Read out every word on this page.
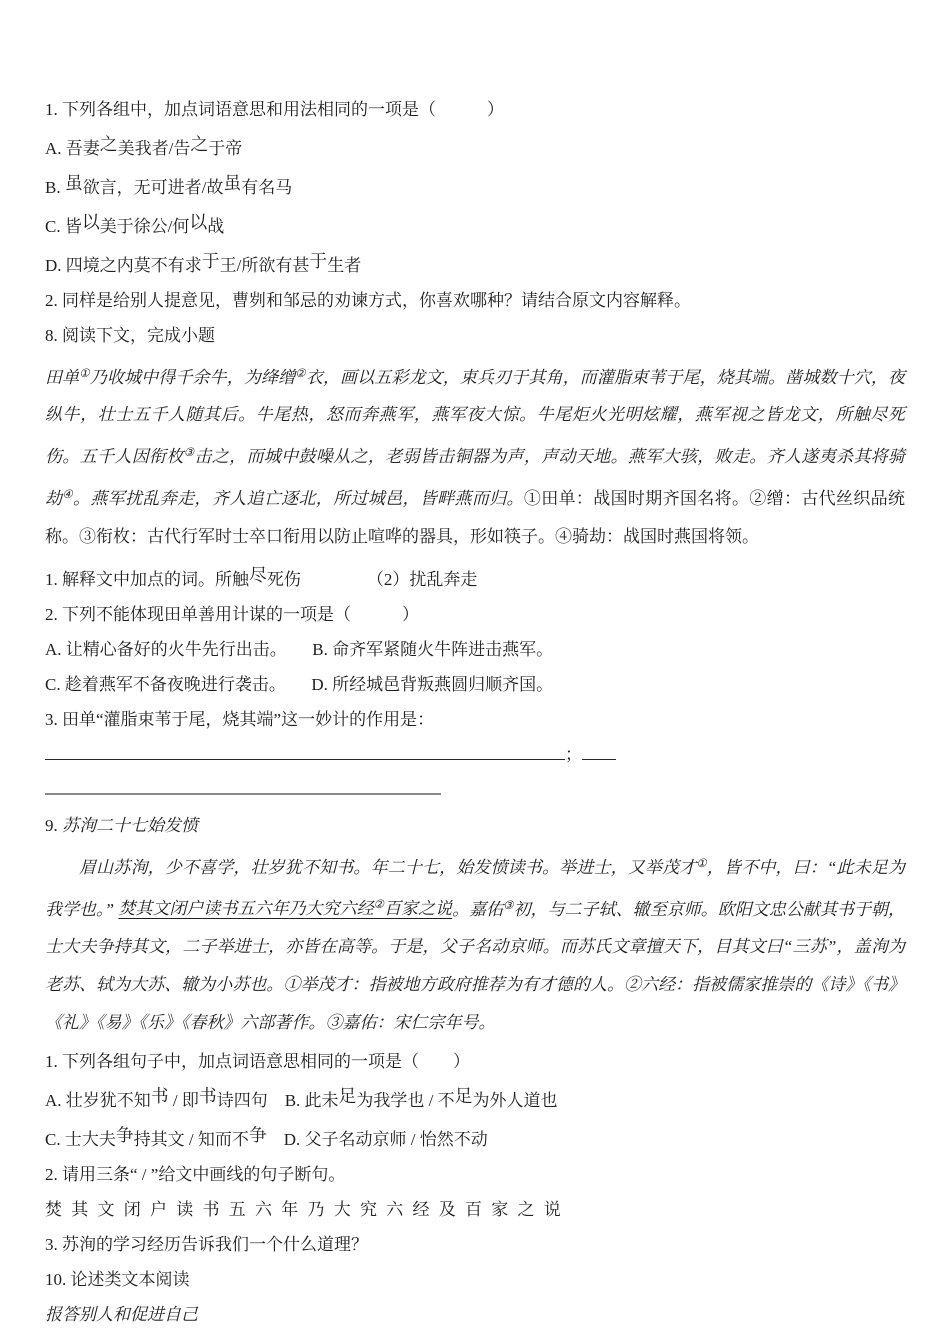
1. 下列各组中，加点词语意思和用法相同的一项是（　　　）

A. 吾妻之美我者/告之于帝

B. 虽欲言，无可进者/故虽有名马

C. 皆以美于徐公/何以战

D. 四境之内莫不有求于王/所欲有甚于生者

2. 同样是给别人提意见，曹刿和邹忌的劝谏方式，你喜欢哪种？请结合原文内容解释。

8. 阅读下文，完成小题

田单①乃收城中得千余牛，为绛缯②衣，画以五彩龙文，束兵刃于其角，而灌脂束苇于尾，烧其端。凿城数十穴，夜纵牛，壮士五千人随其后。牛尾热，怒而奔燕军，燕军夜大惊。牛尾炬火光明炫耀，燕军视之皆龙文，所触尽死伤。五千人因衔枚③击之，而城中鼓噪从之，老弱皆击铜器为声，声动天地。燕军大骇，败走。齐人遂夷杀其将骑劫④。燕军扰乱奔走，齐人追亡逐北，所过城邑，皆畔燕而归。①田单：战国时期齐国名将。②缯：古代丝织品统称。③衔枚：古代行军时士卒口衔用以防止喧哗的器具，形如筷子。④骑劫：战国时燕国将领。

1. 解释文中加点的词。所触尽死伤	（2）扰乱奔走

2. 下列不能体现田单善用计谋的一项是（　　　）

A. 让精心备好的火牛先行出击。　　B. 命齐军紧随火牛阵进击燕军。

C. 趁着燕军不备夜晚进行袭击。　　D. 所经城邑背叛燕圆归顺齐国。

3. 田单“灌脂束苇于尾，烧其端”这一妙计的作用是：；

9. 苏洵二十七始发愤

眉山苏洵，少不喜学，壮岁犹不知书。年二十七，始发愤读书。举进士，又举茂才①，皆不中，曰：“此未足为我学也。” 焚其文闭户读书五六年乃大究六经②百家之说。嘉佑③初，与二子轼、辙至京师。欧阳文忠公献其书于朝，士大夫争持其文，二子举进士，亦皆在高等。于是，父子名动京师。而苏氏文章擅天下，目其文曰“三苏”，盖洵为老苏、轼为大苏、辙为小苏也。①举茂才：指被地方政府推荐为有才德的人。②六经：指被儒家推崇的《诗》《书》《礼》《易》《乐》《春秋》六部著作。③嘉佑：宋仁宗年号。

1. 下列各组句子中，加点词语意思相同的一项是（　　）

A. 壮岁犹不知书 / 即书诗四句　B. 此未足为我学也 / 不足为外人道也

C. 士大夫争持其文 / 知而不争　D. 父子名动京师 / 怡然不动

2. 请用三条“ / ”给文中画线的句子断句。

焚 其 文 闭 户 读 书 五 六 年 乃 大 究 六 经 及 百 家 之 说

3. 苏洵的学习经历告诉我们一个什么道理？

10. 论述类文本阅读

报答别人和促进自己
